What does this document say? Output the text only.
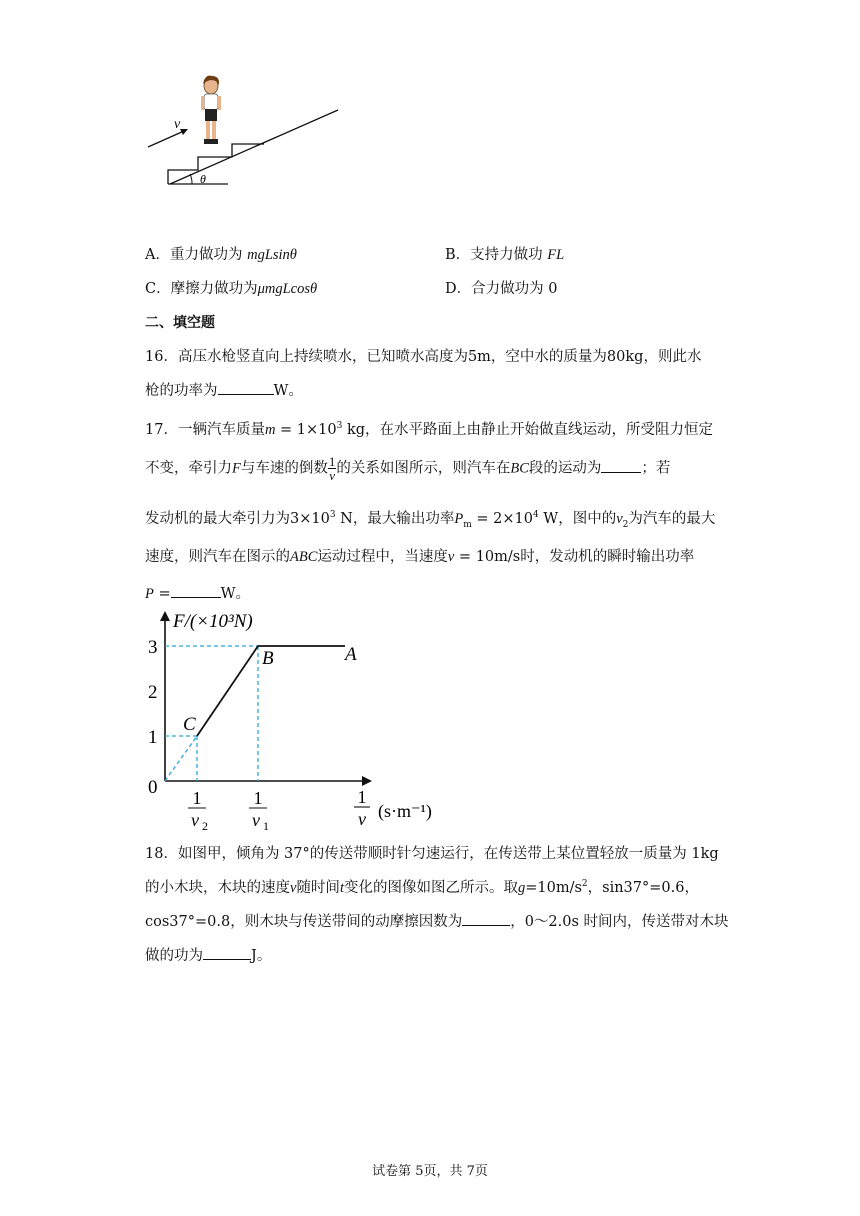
θ
v
A．重力做功为 mgLsinθ	B．支持力做功 FL
C．摩擦力做功为μmgLcosθ	D．合力做功为 0
二、填空题
16．高压水枪竖直向上持续喷水，已知喷水高度为5m，空中水的质量为80kg，则此水
枪的功率为	W。
17．一辆汽车质量$m = 1\times 10^3$ kg，在水平路面上由静止开始做直线运动，所受阻力恒定
不变，牵引力F与车速的倒数 $\frac{1}{v}$ 的关系如图所示，则汽车在BC段的运动为	；若
发动机的最大牵引力为$3\times 10^3$ N，最大输出功率$P_m = 2\times 10^4$ W，图中的$v_2$为汽车的最大
速度，则汽车在图示的ABC运动过程中，当速度v = 10m/s时，发动机的瞬时输出功率
P =	W。
F/(×10³N)
0
1
2
3
C
B	A
1
v 2
1
v 1
1
v (s·m⁻¹)
18．如图甲，倾角为 37°的传送带顺时针匀速运行，在传送带上某位置轻放一质量为 1kg
的小木块，木块的速度v随时间t变化的图像如图乙所示。取$g=10m/s^2$，sin37°=0.6，
cos37°=0.8，则木块与传送带间的动摩擦因数为	，0～2.0s 时间内，传送带对木块
做的功为	J。
试卷第 5页，共 7页
